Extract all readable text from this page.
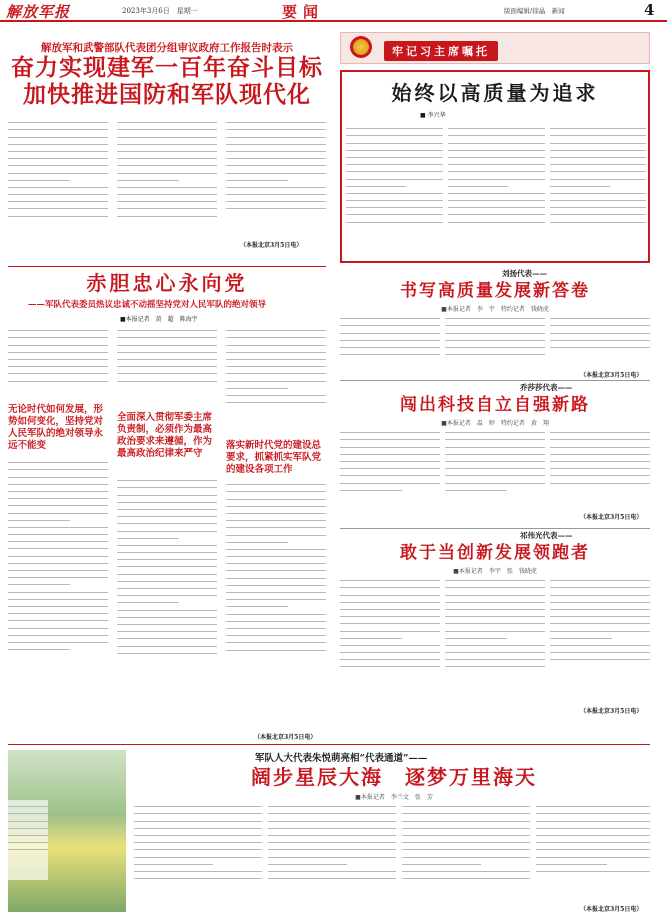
解放军报	2023年3月6日　星期一	要闻	版面编辑/徐晶　新闻	4
解放军和武警部队代表团分组审议政府工作报告时表示
奋力实现建军一百年奋斗目标
加快推进国防和军队现代化
（本报北京3月5日电）
牢记习主席嘱托
始终以高质量为追求
■ 李兴华
赤胆忠心永向党
——军队代表委员热议忠诚不动摇坚持党对人民军队的绝对领导
■本报记者　黄　超　陈海宇
无论时代如何发展，形势如何变化，坚持党对人民军队的绝对领导永远不能变
全面深入贯彻军委主席负责制，必须作为最高政治要求来遵循，作为最高政治纪律来严守
落实新时代党的建设总要求，抓紧抓实军队党的建设各项工作
（本报北京3月5日电）
刘扬代表——
书写高质量发展新答卷
■本报记者　李　宇　特约记者　钱晓虎
（本报北京3月5日电）
乔莎莎代表——
闯出科技自立自强新路
■本报记者　温　婷　特约记者　黄　翔
（本报北京3月5日电）
祁伟光代表——
敢于当创新发展领跑者
■本报记者　李宇　张　钱晓虎
（本报北京3月5日电）
军队人大代表朱悦萌亮相“代表通道”——
阔步星辰大海　逐梦万里海天
■本报记者　李兰文　张　芳
（本报北京3月5日电）
